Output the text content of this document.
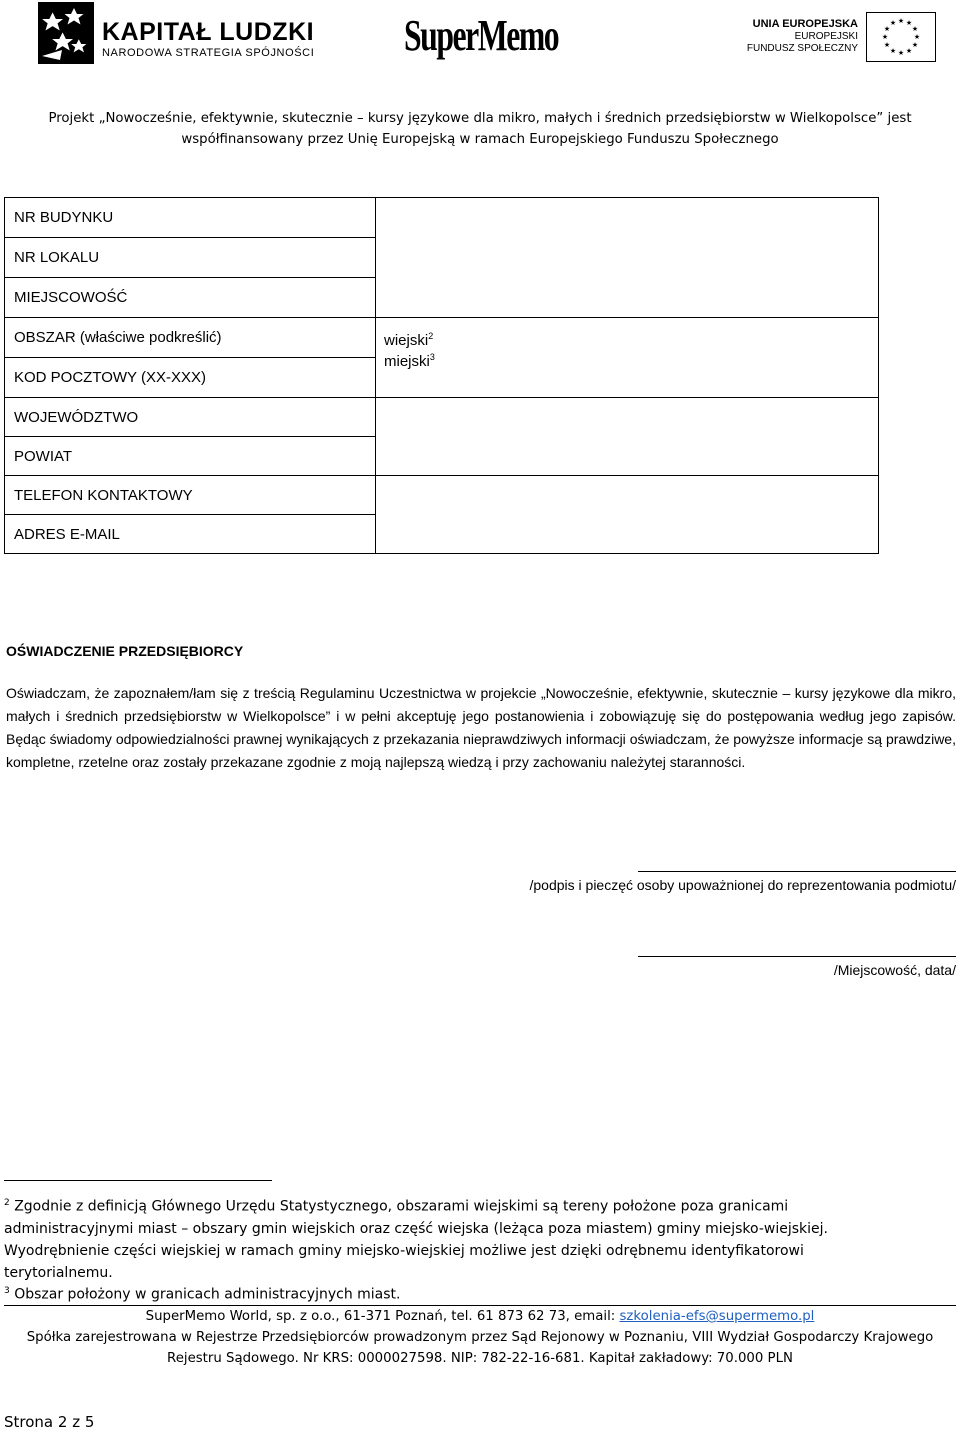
KAPITAŁ LUDZKI
NARODOWA STRATEGIA SPÓJNOŚCI SuperMemo	UNIA EUROPEJSKA
EUROPEJSKI
FUNDUSZ SPOŁECZNY
★ ★
★
★
★
★
★
★
★
★
★
★
Projekt „Nowocześnie, efektywnie, skutecznie – kursy językowe dla mikro, małych i średnich przedsiębiorstw w Wielkopolsce” jest
współfinansowany przez Unię Europejską w ramach Europejskiego Funduszu Społecznego
NR BUDYNKU	
NR LOKALU	
MIEJSCOWOŚĆ	
OBSZAR (właściwe podkreślić)	wiejski$^2$
miejski$^3$

KOD POCZTOWY (XX-XXX)	
WOJEWÓDZTWO	
POWIAT	
TELEFON KONTAKTOWY	
ADRES E-MAIL	
OŚWIADCZENIE PRZEDSIĘBIORCY
Oświadczam, że zapoznałem/łam się z treścią Regulaminu Uczestnictwa w projekcie „Nowocześnie, efektywnie, skutecznie – kursy językowe dla mikro, małych i średnich przedsiębiorstw w Wielkopolsce” i w pełni akceptuję jego postanowienia i zobowiązuję się do postępowania według jego zapisów. Będąc świadomy odpowiedzialności prawnej wynikających z przekazania nieprawdziwych informacji oświadczam, że powyższe informacje są prawdziwe, kompletne, rzetelne oraz zostały przekazane zgodnie z moją najlepszą wiedzą i przy zachowaniu należytej staranności.
/podpis i pieczęć osoby upoważnionej do reprezentowania podmiotu/
/Miejscowość, data/
$^2$ Zgodnie z definicją Głównego Urzędu Statystycznego, obszarami wiejskimi są tereny położone poza granicami
administracyjnymi miast – obszary gmin wiejskich oraz część wiejska (leżąca poza miastem) gminy miejsko-wiejskiej.
Wyodrębnienie części wiejskiej w ramach gminy miejsko-wiejskiej możliwe jest dzięki odrębnemu identyfikatorowi
terytorialnemu.
$^3$ Obszar położony w granicach administracyjnych miast.
SuperMemo World, sp. z o.o., 61-371 Poznań, tel. 61 873 62 73, email: szkolenia-efs@supermemo.pl
Spółka zarejestrowana w Rejestrze Przedsiębiorców prowadzonym przez Sąd Rejonowy w Poznaniu, VIII Wydział Gospodarczy Krajowego
Rejestru Sądowego. Nr KRS: 0000027598. NIP: 782-22-16-681. Kapitał zakładowy: 70.000 PLN
Strona 2 z 5
